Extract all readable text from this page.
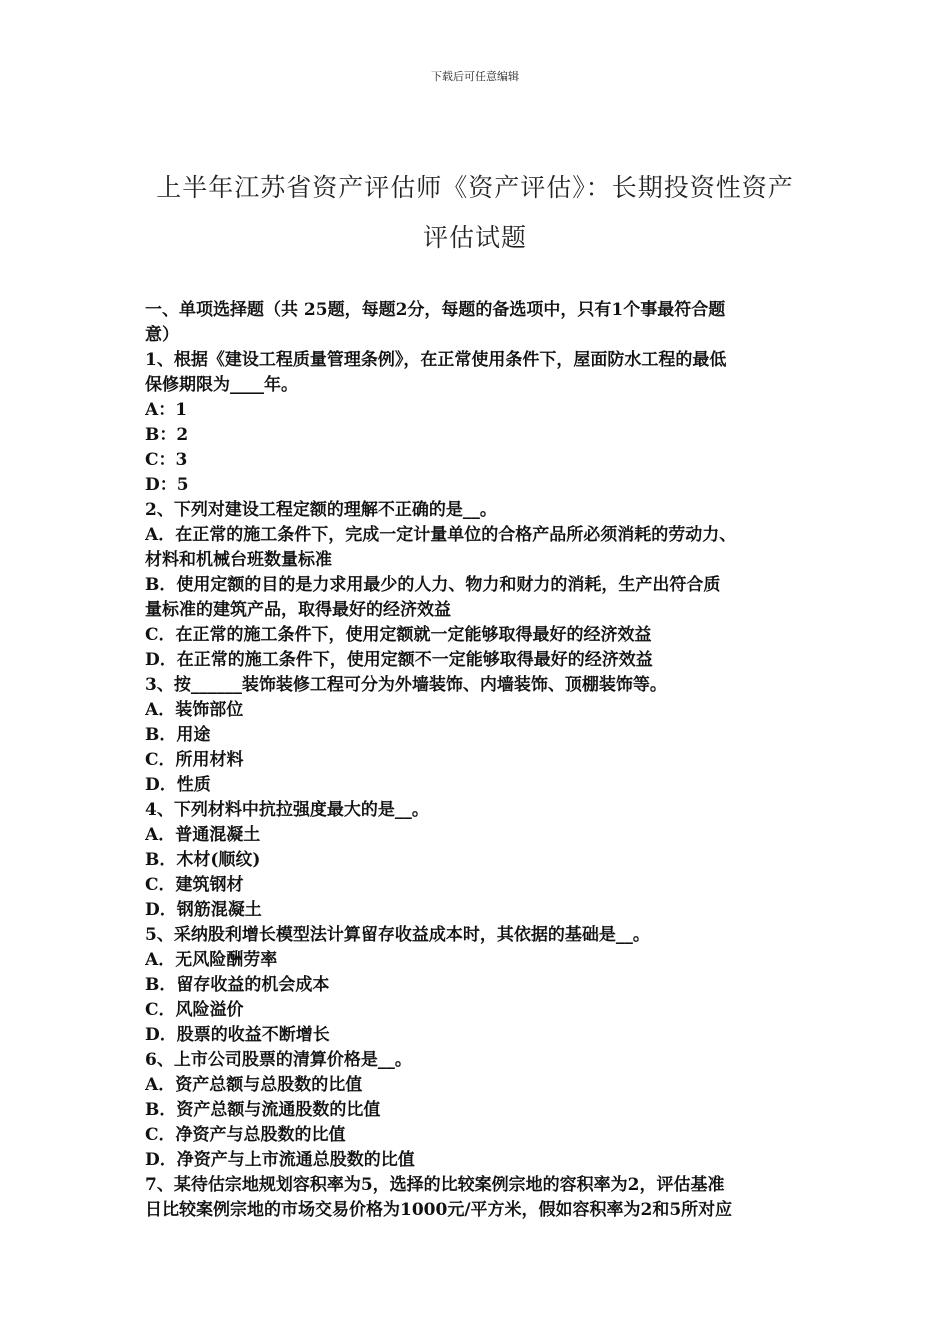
下载后可任意编辑
上半年江苏省资产评估师《资产评估》：长期投资性资产
评估试题
一、单项选择题（共 25题，每题2分，每题的备选项中，只有1个事最符合题
意）
1、根据《建设工程质量管理条例》，在正常使用条件下，屋面防水工程的最低
保修期限为____年。
A：1
B：2
C：3
D：5
2、下列对建设工程定额的理解不正确的是__。
A．在正常的施工条件下，完成一定计量单位的合格产品所必须消耗的劳动力、
材料和机械台班数量标准
B．使用定额的目的是力求用最少的人力、物力和财力的消耗，生产出符合质
量标准的建筑产品，取得最好的经济效益
C．在正常的施工条件下，使用定额就一定能够取得最好的经济效益
D．在正常的施工条件下，使用定额不一定能够取得最好的经济效益
3、按______装饰装修工程可分为外墙装饰、内墙装饰、顶棚装饰等。
A．装饰部位
B．用途
C．所用材料
D．性质
4、下列材料中抗拉强度最大的是__。
A．普通混凝土
B．木材(顺纹)
C．建筑钢材
D．钢筋混凝土
5、采纳股利增长模型法计算留存收益成本时，其依据的基础是__。
A．无风险酬劳率
B．留存收益的机会成本
C．风险溢价
D．股票的收益不断增长
6、上市公司股票的清算价格是__。
A．资产总额与总股数的比值
B．资产总额与流通股数的比值
C．净资产与总股数的比值
D．净资产与上市流通总股数的比值
7、某待估宗地规划容积率为5，选择的比较案例宗地的容积率为2，评估基准
日比较案例宗地的市场交易价格为1000元/平方米，假如容积率为2和5所对应
